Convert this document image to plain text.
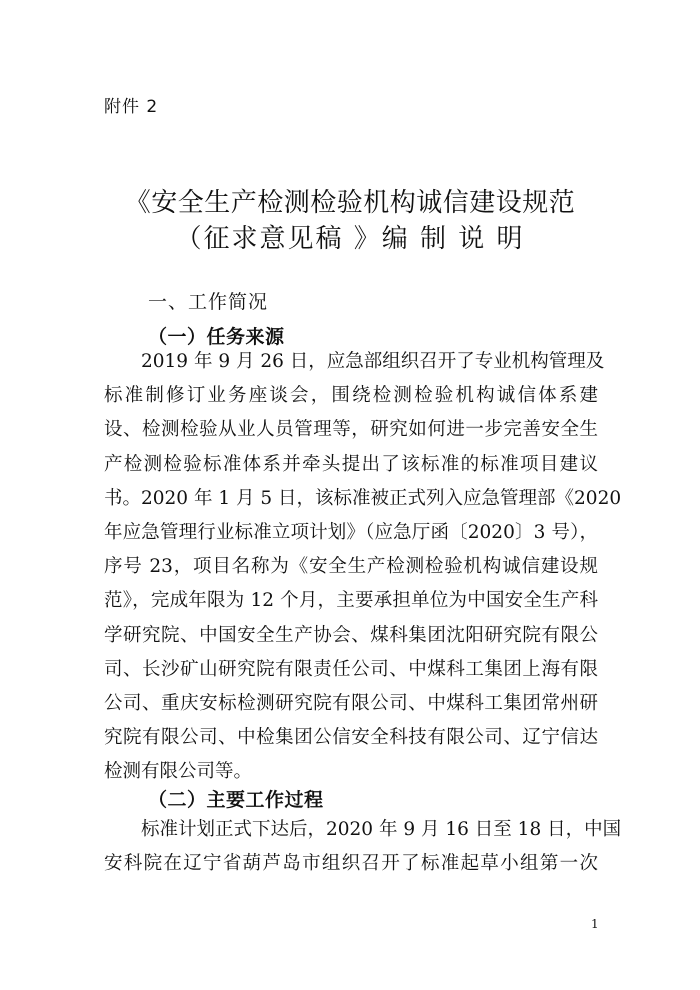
附件 2
《安全生产检测检验机构诚信建设规范
（征求意见稿 》编 制 说 明
一、工作简况
（一）任务来源
2019 年 9 月 26 日，应急部组织召开了专业机构管理及
标准制修订业务座谈会，围绕检测检验机构诚信体系建
设、检测检验从业人员管理等，研究如何进一步完善安全生
产检测检验标准体系并牵头提出了该标准的标准项目建议
书。2020 年 1 月 5 日，该标准被正式列入应急管理部《2020
年应急管理行业标准立项计划》（应急厅函〔2020〕3 号），
序号 23，项目名称为《安全生产检测检验机构诚信建设规
范》，完成年限为 12 个月，主要承担单位为中国安全生产科
学研究院、中国安全生产协会、煤科集团沈阳研究院有限公
司、长沙矿山研究院有限责任公司、中煤科工集团上海有限
公司、重庆安标检测研究院有限公司、中煤科工集团常州研
究院有限公司、中检集团公信安全科技有限公司、辽宁信达
检测有限公司等。
（二）主要工作过程
标准计划正式下达后，2020 年 9 月 16 日至 18 日，中国
安科院在辽宁省葫芦岛市组织召开了标准起草小组第一次
1
